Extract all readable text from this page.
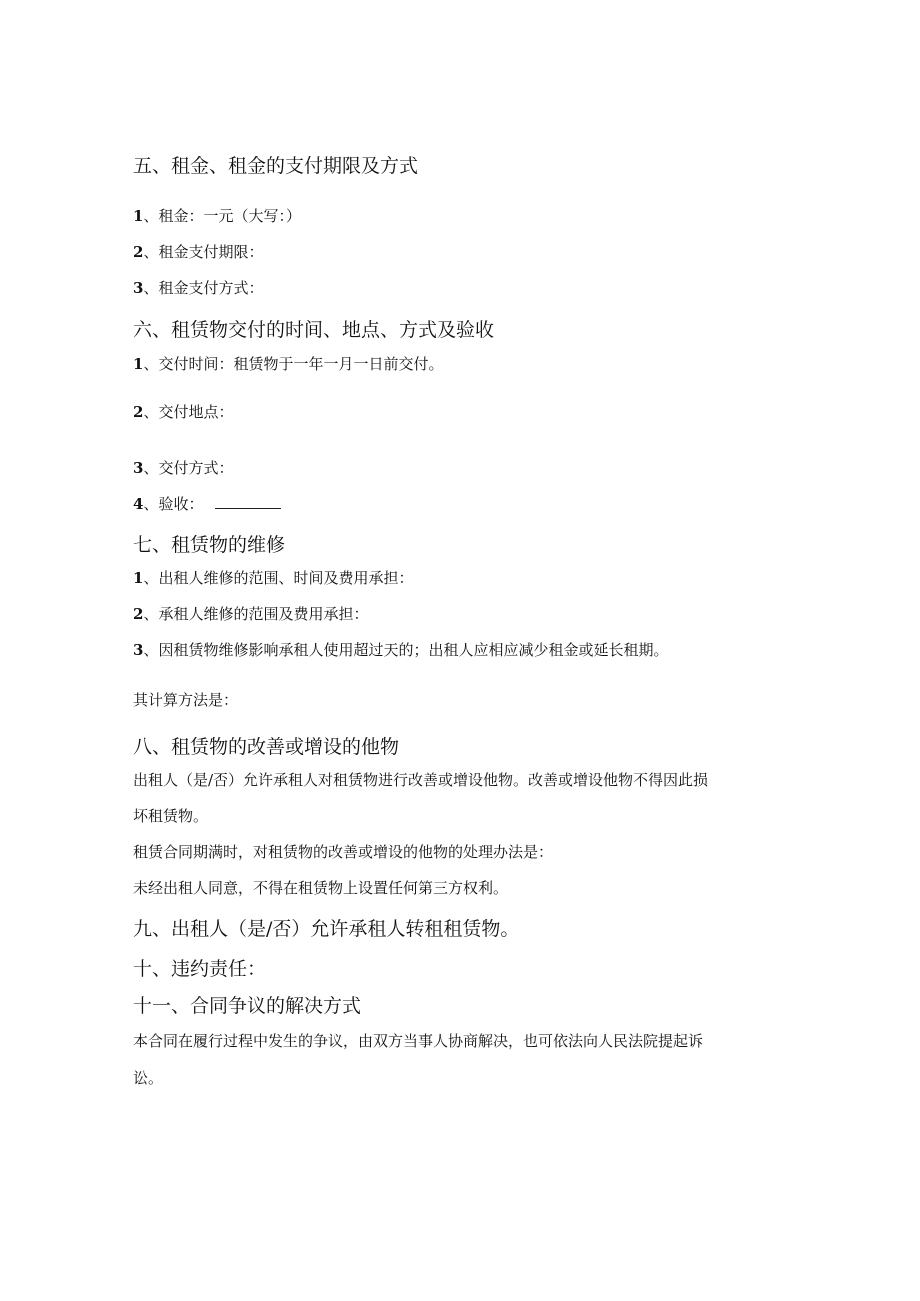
五、租金、租金的支付期限及方式
1、租金：一元（大写：）
2、租金支付期限：
3、租金支付方式：
六、租赁物交付的时间、地点、方式及验收
1、交付时间：租赁物于一年一月一日前交付。
2、交付地点：
3、交付方式：
4、验收：
七、租赁物的维修
1、出租人维修的范围、时间及费用承担：
2、承租人维修的范围及费用承担：
3、因租赁物维修影响承租人使用超过天的；出租人应相应减少租金或延长租期。
其计算方法是：
八、租赁物的改善或增设的他物
出租人（是/否）允许承租人对租赁物进行改善或增设他物。改善或增设他物不得因此损
坏租赁物。
租赁合同期满时，对租赁物的改善或增设的他物的处理办法是：
未经出租人同意，不得在租赁物上设置任何第三方权利。
九、出租人（是/否）允许承租人转租租赁物。
十、违约责任：
十一、合同争议的解决方式
本合同在履行过程中发生的争议，由双方当事人协商解决，也可依法向人民法院提起诉
讼。
